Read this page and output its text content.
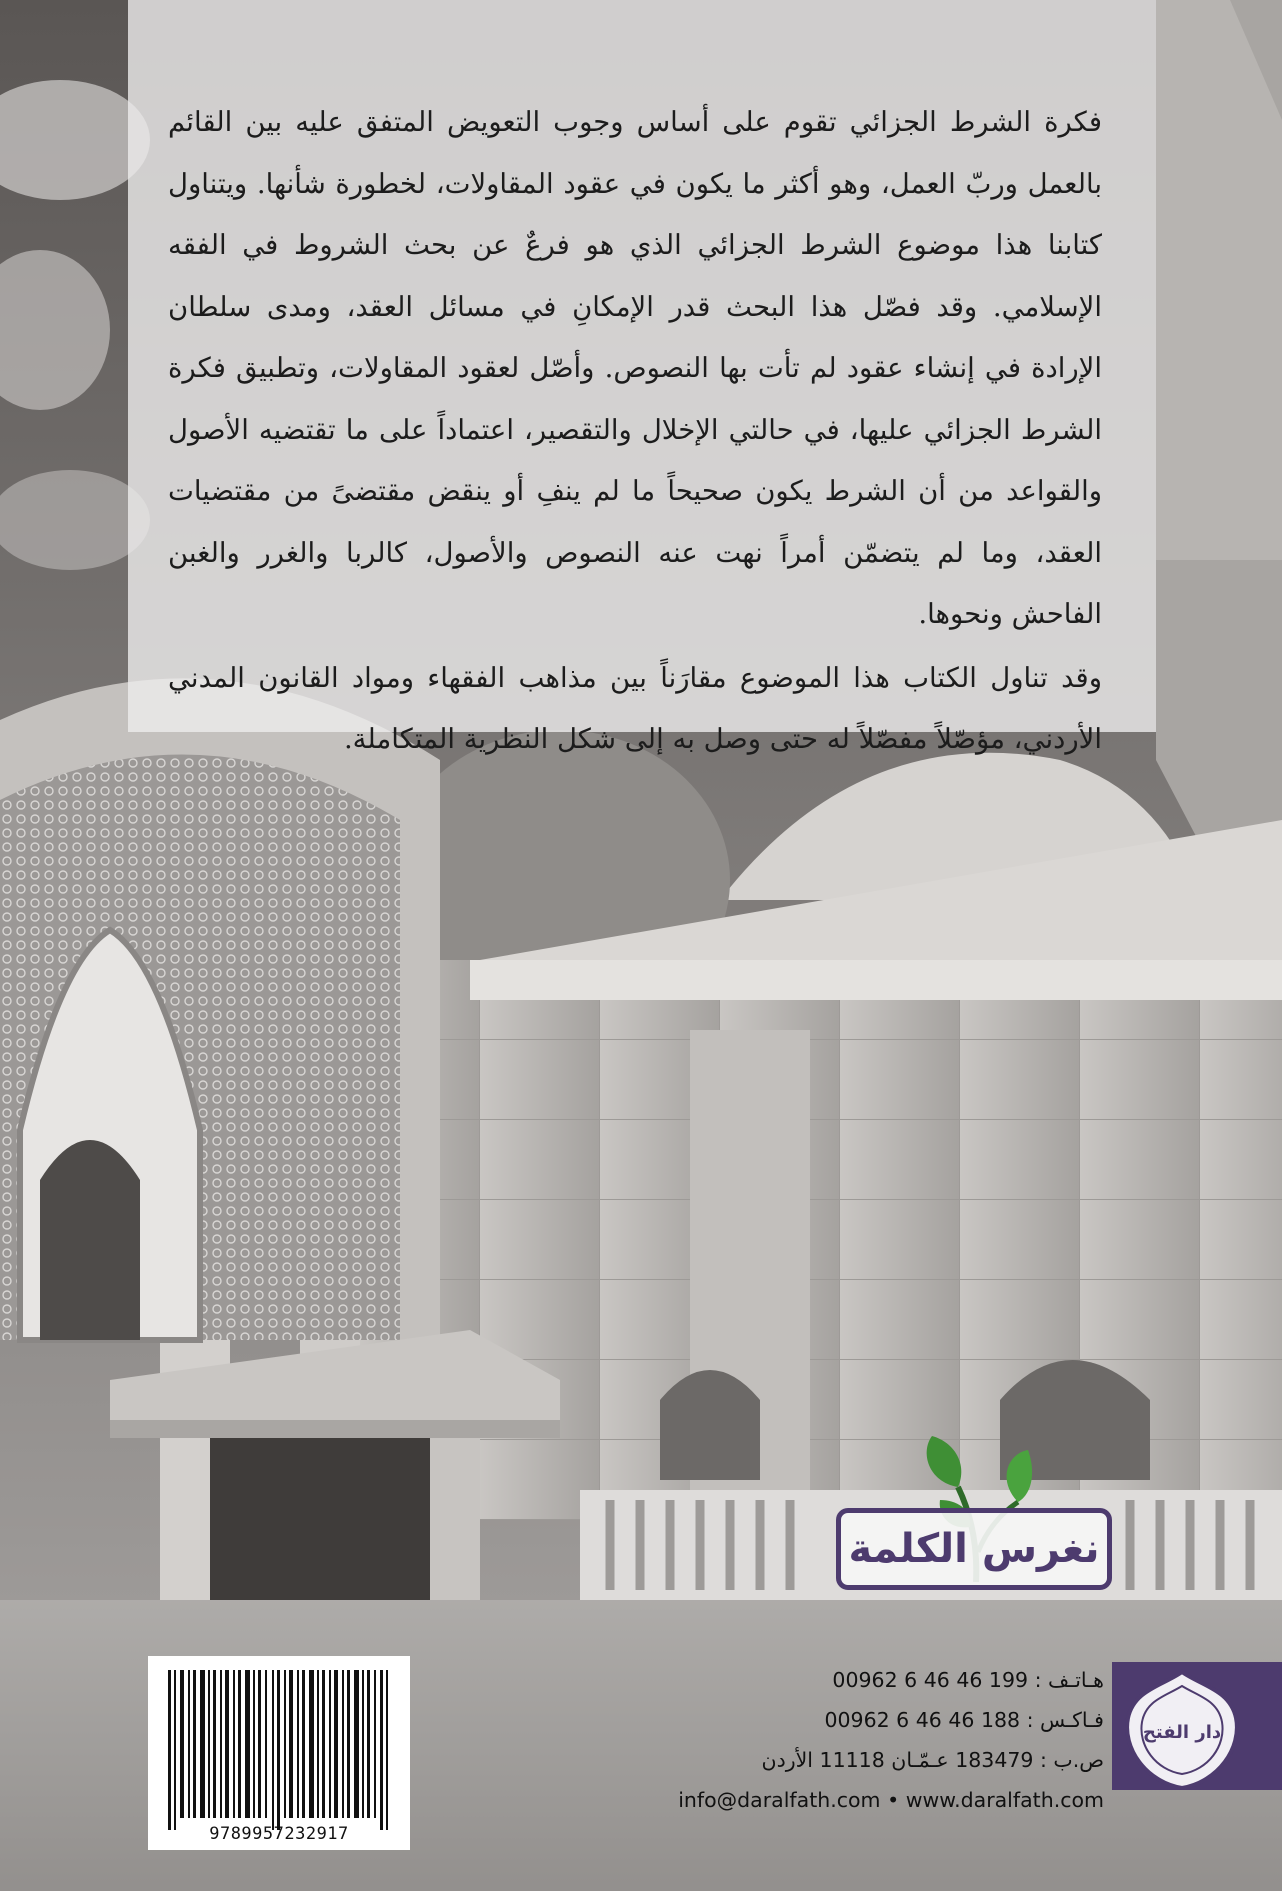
فكرة الشرط الجزائي تقوم على أساس وجوب التعويض المتفق عليه بين القائم بالعمل وربّ العمل، وهو أكثر ما يكون في عقود المقاولات، لخطورة شأنها. ويتناول كتابنا هذا موضوع الشرط الجزائي الذي هو فرعٌ عن بحث الشروط في الفقه الإسلامي. وقد فصّل هذا البحث قدر الإمكانِ في مسائل العقد، ومدى سلطان الإرادة في إنشاء عقود لم تأت بها النصوص. وأصّل لعقود المقاولات، وتطبيق فكرة الشرط الجزائي عليها، في حالتي الإخلال والتقصير، اعتماداً على ما تقتضيه الأصول والقواعد من أن الشرط يكون صحيحاً ما لم ينفِ أو ينقض مقتضىً من مقتضيات العقد، وما لم يتضمّن أمراً نهت عنه النصوص والأصول، كالربا والغرر والغبن الفاحش ونحوها.

وقد تناول الكتاب هذا الموضوع مقارَناً بين مذاهب الفقهاء ومواد القانون المدني الأردني، مؤصّلاً مفصّلاً له حتى وصل به إلى شكل النظرية المتكاملة.

نغرس الكلمة
9789957232917
هـاتـف : 00962 6 46 46 199
فـاكـس : 00962 6 46 46 188
ص.ب : 183479 عـمّـان 11118 الأردن
info@daralfath.com • www.daralfath.com
دار الفتح
